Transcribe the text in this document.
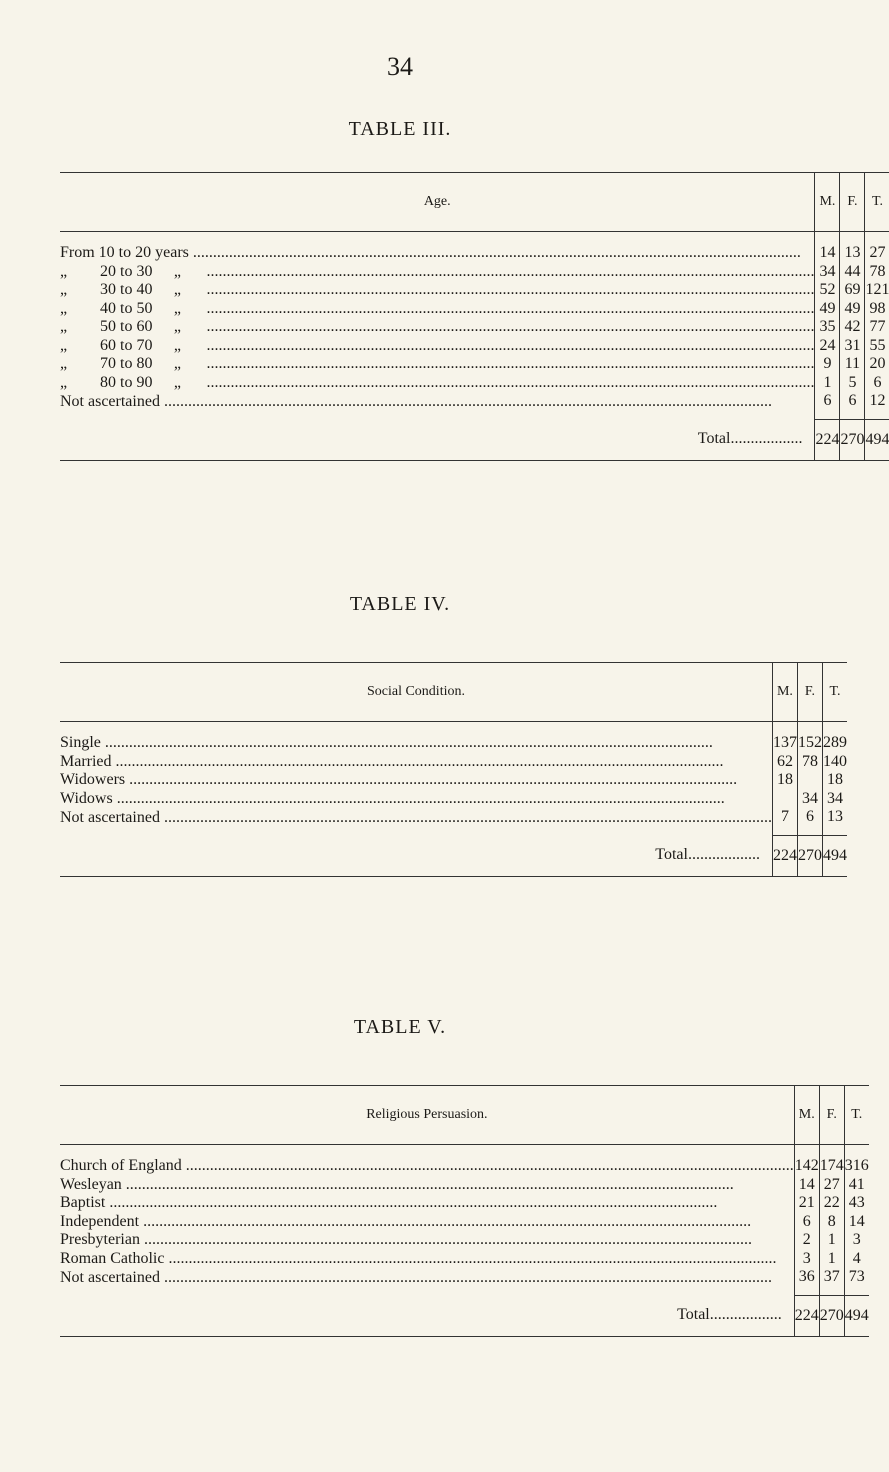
34
TABLE III.
Age.	M.	F.	T.
From 10 to 20 years .....	14	13	27
„ 20 to 30 „ .....	34	44	78
„ 30 to 40 „ .....	52	69	121
„ 40 to 50 „ .....	49	49	98
„ 50 to 60 „ .....	35	42	77
„ 60 to 70 „ .....	24	31	55
„ 70 to 80 „ .....	9	11	20
„ 80 to 90 „ .....	1	5	6
Not ascertained .....	6	6	12
Total..................	224	270	494
TABLE IV.
Social Condition.	M.	F.	T.
Single .....	137	152	289
Married .....	62	78	140
Widowers .....	18		18
Widows .....		34	34
Not ascertained .....	7	6	13
Total..................	224	270	494
TABLE V.
Religious Persuasion.	M.	F.	T.
Church of England .....	142	174	316
Wesleyan .....	14	27	41
Baptist .....	21	22	43
Independent .....	6	8	14
Presbyterian .....	2	1	3
Roman Catholic .....	3	1	4
Not ascertained .....	36	37	73
Total..................	224	270	494
